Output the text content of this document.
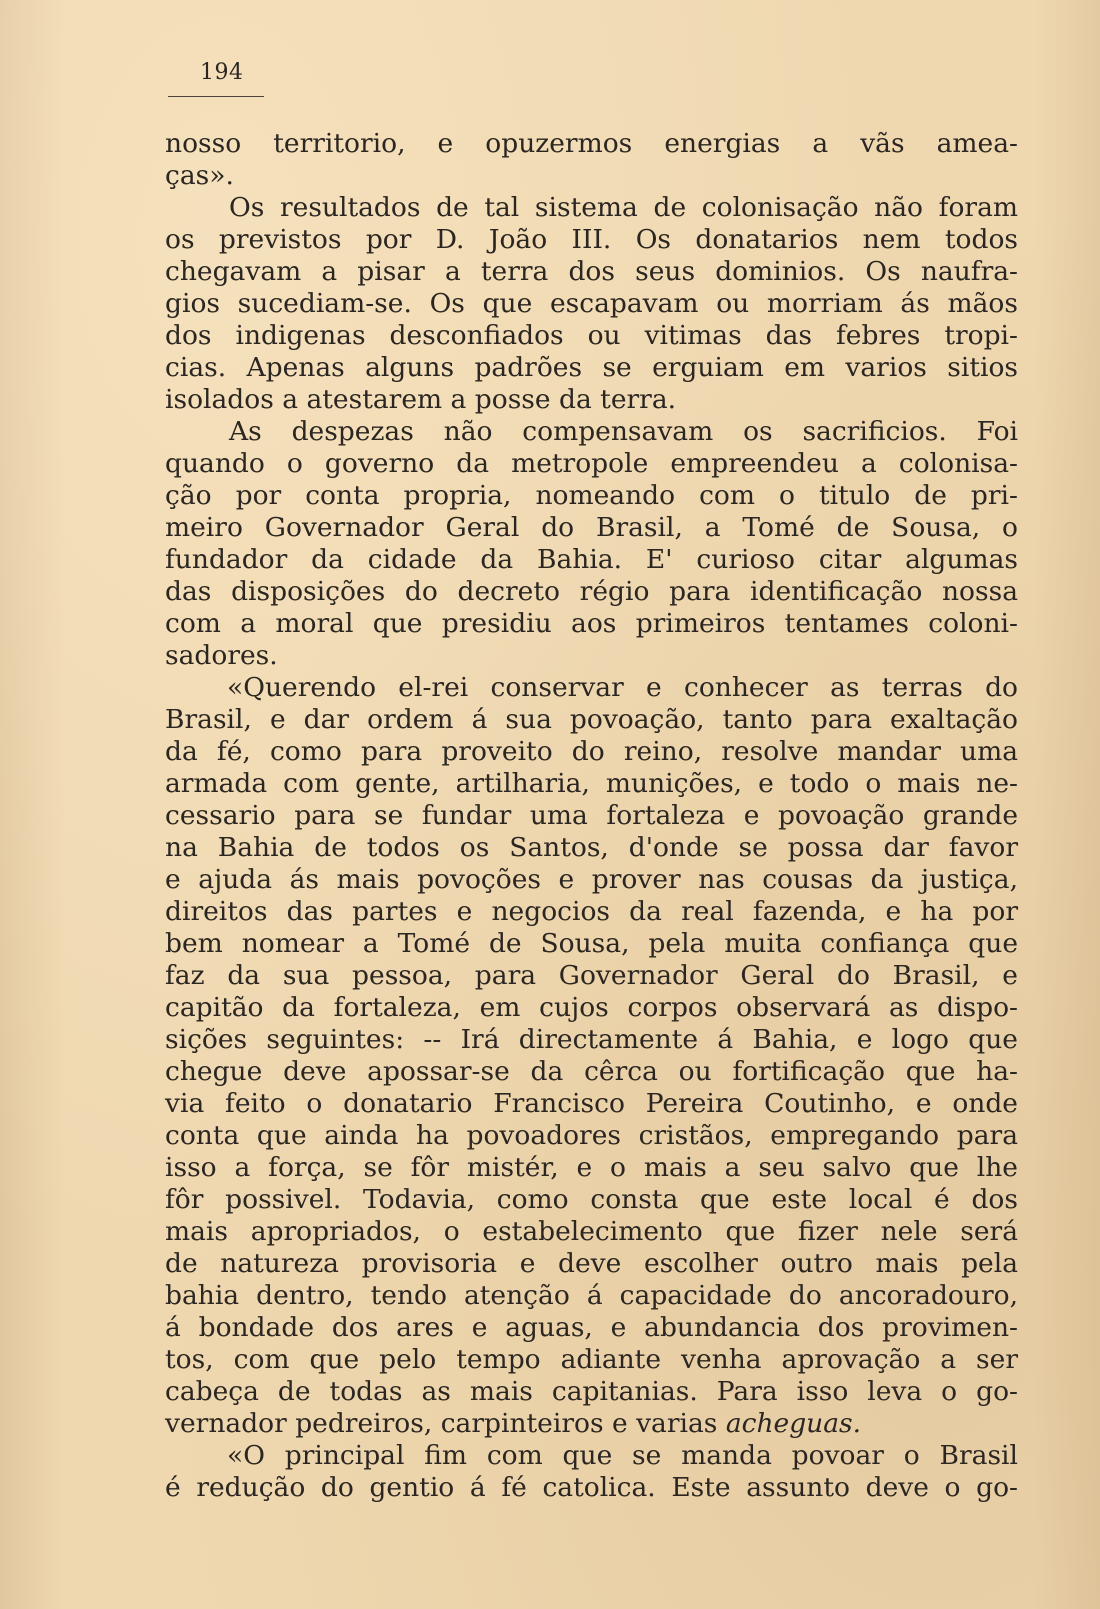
194
nosso territorio, e opuzermos energias a vãs amea-
ças».
Os resultados de tal sistema de colonisação não foram
os previstos por D. João III. Os donatarios nem todos
chegavam a pisar a terra dos seus dominios. Os naufra-
gios sucediam-se. Os que escapavam ou morriam ás mãos
dos indigenas desconfiados ou vitimas das febres tropi-
cias. Apenas alguns padrões se erguiam em varios sitios
isolados a atestarem a posse da terra.
As despezas não compensavam os sacrificios. Foi
quando o governo da metropole empreendeu a colonisa-
ção por conta propria, nomeando com o titulo de pri-
meiro Governador Geral do Brasil, a Tomé de Sousa, o
fundador da cidade da Bahia. E' curioso citar algumas
das disposições do decreto régio para identificação nossa
com a moral que presidiu aos primeiros tentames coloni-
sadores.
«Querendo el-rei conservar e conhecer as terras do
Brasil, e dar ordem á sua povoação, tanto para exaltação
da fé, como para proveito do reino, resolve mandar uma
armada com gente, artilharia, munições, e todo o mais ne-
cessario para se fundar uma fortaleza e povoação grande
na Bahia de todos os Santos, d'onde se possa dar favor
e ajuda ás mais povoções e prover nas cousas da justiça,
direitos das partes e negocios da real fazenda, e ha por
bem nomear a Tomé de Sousa, pela muita confiança que
faz da sua pessoa, para Governador Geral do Brasil, e
capitão da fortaleza, em cujos corpos observará as dispo-
sições seguintes: -- Irá directamente á Bahia, e logo que
chegue deve apossar-se da cêrca ou fortificação que ha-
via feito o donatario Francisco Pereira Coutinho, e onde
conta que ainda ha povoadores cristãos, empregando para
isso a força, se fôr mistér, e o mais a seu salvo que lhe
fôr possivel. Todavia, como consta que este local é dos
mais apropriados, o estabelecimento que fizer nele será
de natureza provisoria e deve escolher outro mais pela
bahia dentro, tendo atenção á capacidade do ancoradouro,
á bondade dos ares e aguas, e abundancia dos provimen-
tos, com que pelo tempo adiante venha aprovação a ser
cabeça de todas as mais capitanias. Para isso leva o go-
vernador pedreiros, carpinteiros e varias acheguas.
«O principal fim com que se manda povoar o Brasil
é redução do gentio á fé catolica. Este assunto deve o go-
